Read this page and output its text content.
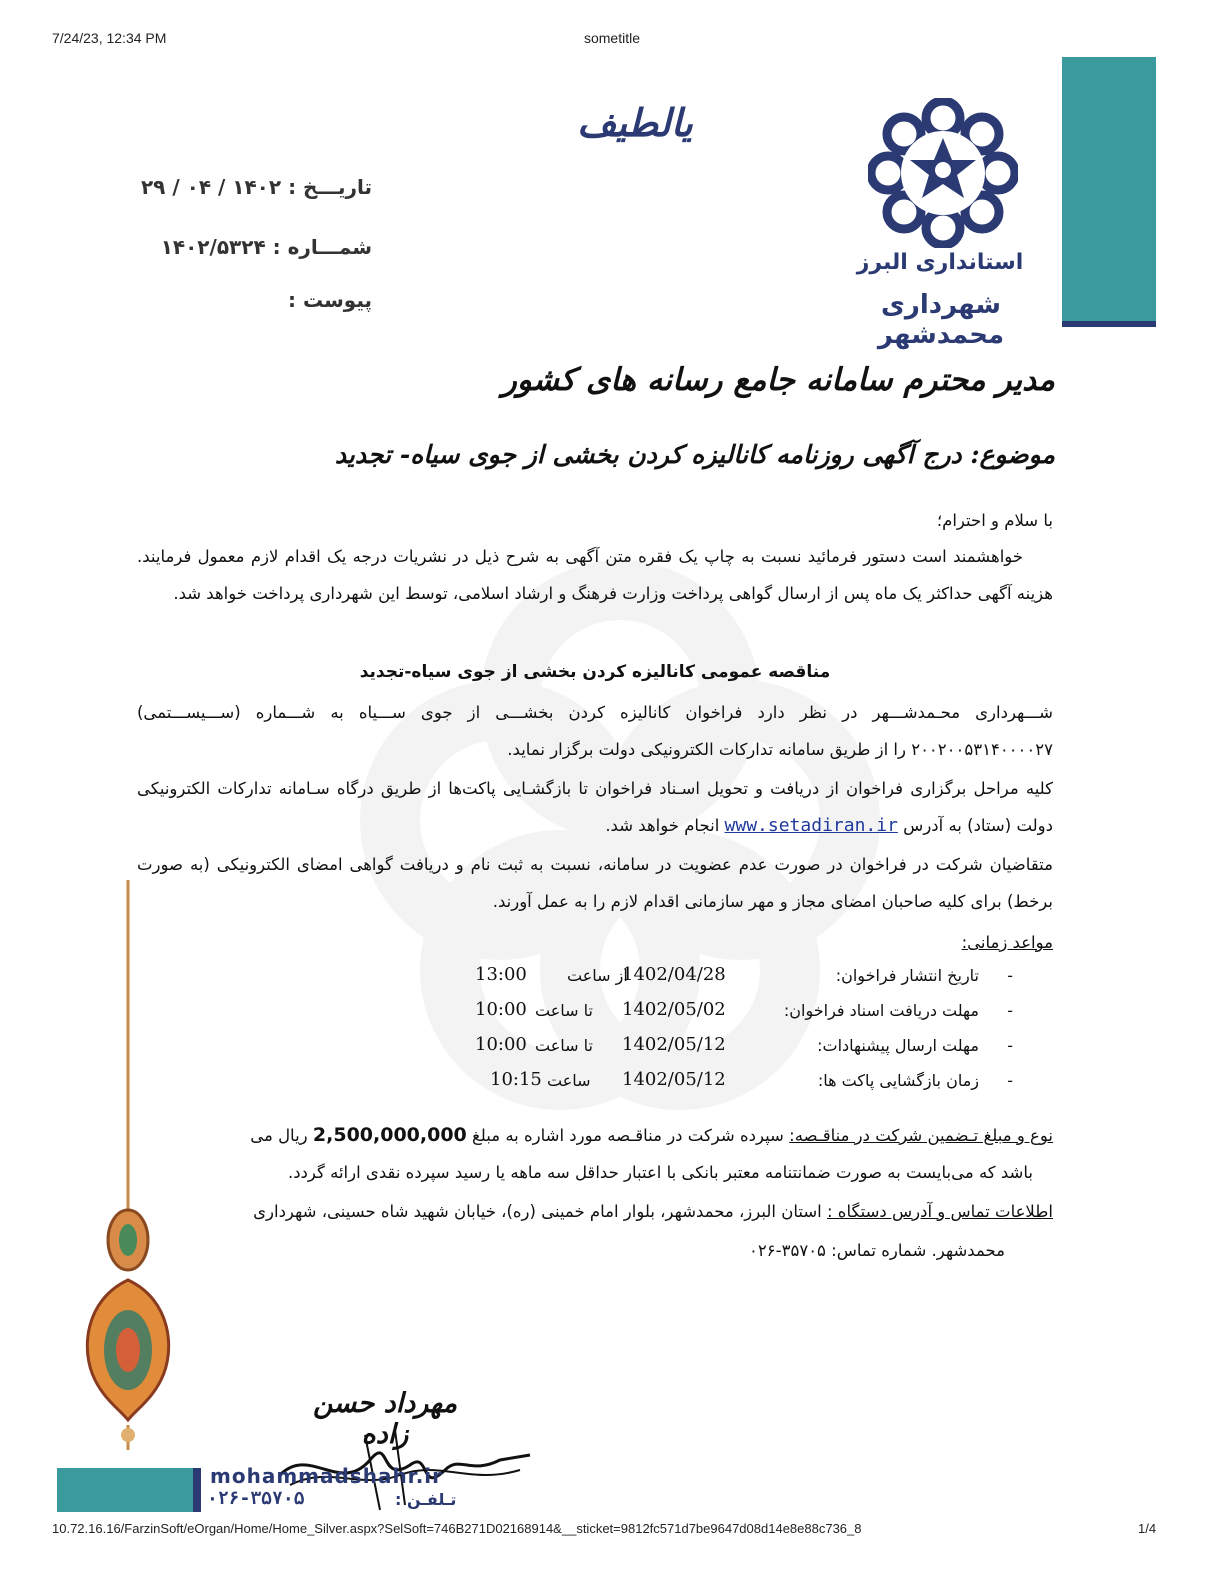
7/24/23, 12:34 PM	sometitle
استانداری البرز
شهرداری محمدشهر
یالطیف
تاریـــخ : ۱۴۰۲ / ۰۴ / ۲۹
شمـــاره : ۱۴۰۲/۵۳۲۴
پیوست :
مدیر محترم سامانه جامع رسانه های کشور
موضوع: درج آگهی روزنامه کانالیزه کردن بخشی از جوی سیاه- تجدید
با سلام و احترام؛
خواهشمند است دستور فرمائید نسبت به چاپ یک فقره متن آگهی به شرح ذیل در نشریات درجه یک اقدام لازم معمول فرمایند. هزینه آگهی حداکثر یک ماه پس از ارسال گواهی پرداخت وزارت فرهنگ و ارشاد اسلامی، توسط این شهرداری پرداخت خواهد شد.
مناقصه عمومی کانالیزه کردن بخشی از جوی سیاه-تجدید
شـــهرداری محـمدشـــهر در نظر دارد فراخوان کانالیزه کردن بخشـــی از جوی ســـیاه به شـــماره (ســـیســـتمی) ۲۰۰۲۰۰۵۳۱۴۰۰۰۰۲۷ را از طریق سامانه تدارکات الکترونیکی دولت برگزار نماید.
کلیه مراحل برگزاری فراخوان از دریافت و تحویل اسـناد فراخوان تا بازگشـایی پاکت‌ها از طریق درگاه سـامانه تدارکات الکترونیکی دولت (ستاد) به آدرس www.setadiran.ir انجام خواهد شد.
متقاضیان شرکت در فراخوان در صورت عدم عضویت در سامانه، نسبت به ثبت نام و دریافت گواهی امضای الکترونیکی (به صورت برخط) برای کلیه صاحبان امضای مجاز و مهر سازمانی اقدام لازم را به عمل آورند.
مواعد زمانی:
-
تاریخ انتشار فراخوان:
1402/04/28
از ساعت
13:00
-
مهلت دریافت اسناد فراخوان:
1402/05/02
تا ساعت
10:00
-
مهلت ارسال پیشنهادات:
1402/05/12
تا ساعت
10:00
-
زمان بازگشایی پاکت ها:
1402/05/12
ساعت
10:15
نوع و مبلغ تـضمین شرکت در مناقـصه: سپرده شرکت در مناقـصه مورد اشاره به مبلغ 2,500,000,000 ریال می
باشد که می‌بایست به صورت ضمانتنامه معتبر بانکی با اعتبار حداقل سه ماهه یا رسید سپرده نقدی ارائه گردد.
اطلاعات تماس و آدرس دستگاه : استان البرز، محمدشهر، بلوار امام خمینی (ره)، خیابان شهید شاه حسینی، شهرداری
محمدشهر. شماره تماس: ۳۵۷۰۵-۰۲۶
مهرداد حسن زاده
mohammadshahr.ir
۰۲۶-۳۵۷۰۵	تـلفـن :
10.72.16.16/FarzinSoft/eOrgan/Home/Home_Silver.aspx?SelSoft=746B271D02168914&__sticket=9812fc571d7be9647d08d14e8e88c736_8	1/4
